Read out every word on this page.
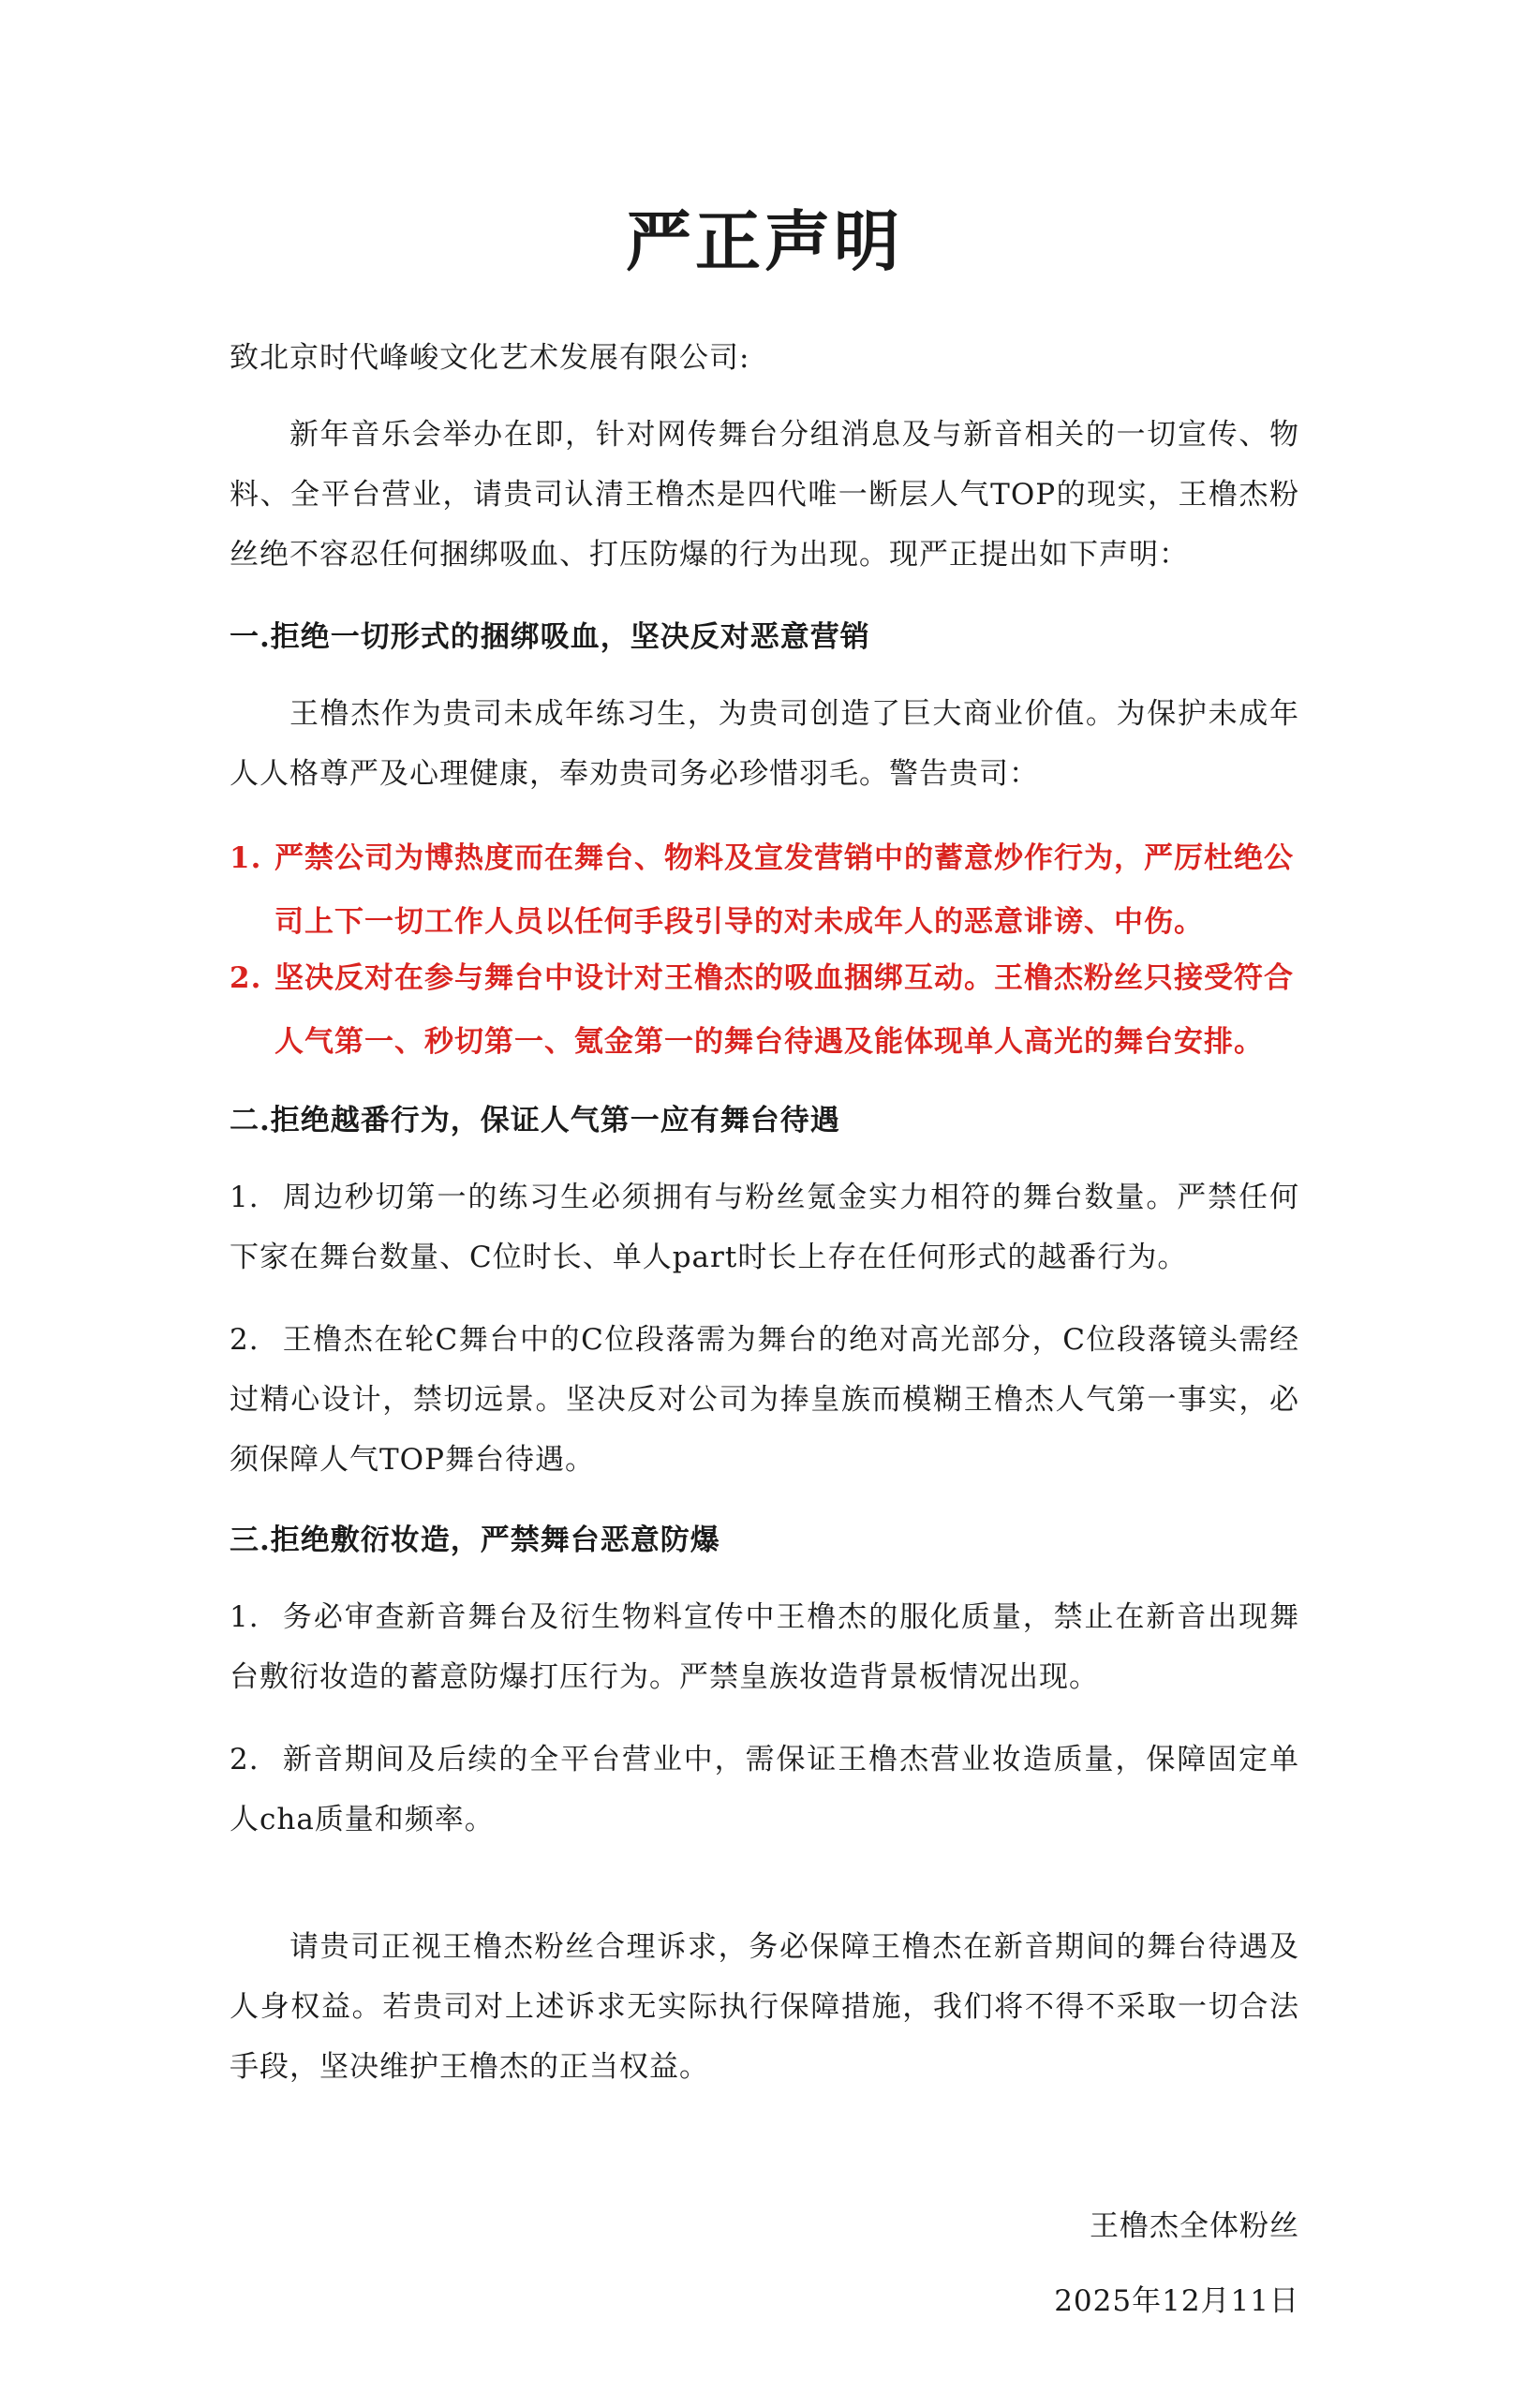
严正声明
致北京时代峰峻文化艺术发展有限公司:
新年音乐会举办在即，针对网传舞台分组消息及与新音相关的一切宣传、物料、全平台营业，请贵司认清王橹杰是四代唯一断层人气TOP的现实，王橹杰粉丝绝不容忍任何捆绑吸血、打压防爆的行为出现。现严正提出如下声明：
一.拒绝一切形式的捆绑吸血，坚决反对恶意营销
王橹杰作为贵司未成年练习生，为贵司创造了巨大商业价值。为保护未成年人人格尊严及心理健康，奉劝贵司务必珍惜羽毛。警告贵司：
1. 严禁公司为博热度而在舞台、物料及宣发营销中的蓄意炒作行为，严厉杜绝公司上下一切工作人员以任何手段引导的对未成年人的恶意诽谤、中伤。
2. 坚决反对在参与舞台中设计对王橹杰的吸血捆绑互动。王橹杰粉丝只接受符合人气第一、秒切第一、氪金第一的舞台待遇及能体现单人高光的舞台安排。
二.拒绝越番行为，保证人气第一应有舞台待遇
1. 周边秒切第一的练习生必须拥有与粉丝氪金实力相符的舞台数量。严禁任何下家在舞台数量、C位时长、单人part时长上存在任何形式的越番行为。
2. 王橹杰在轮C舞台中的C位段落需为舞台的绝对高光部分，C位段落镜头需经过精心设计，禁切远景。坚决反对公司为捧皇族而模糊王橹杰人气第一事实，必须保障人气TOP舞台待遇。
三.拒绝敷衍妆造，严禁舞台恶意防爆
1. 务必审查新音舞台及衍生物料宣传中王橹杰的服化质量，禁止在新音出现舞台敷衍妆造的蓄意防爆打压行为。严禁皇族妆造背景板情况出现。
2. 新音期间及后续的全平台营业中，需保证王橹杰营业妆造质量，保障固定单人cha质量和频率。
请贵司正视王橹杰粉丝合理诉求，务必保障王橹杰在新音期间的舞台待遇及人身权益。若贵司对上述诉求无实际执行保障措施，我们将不得不采取一切合法手段，坚决维护王橹杰的正当权益。
王橹杰全体粉丝
2025年12月11日
